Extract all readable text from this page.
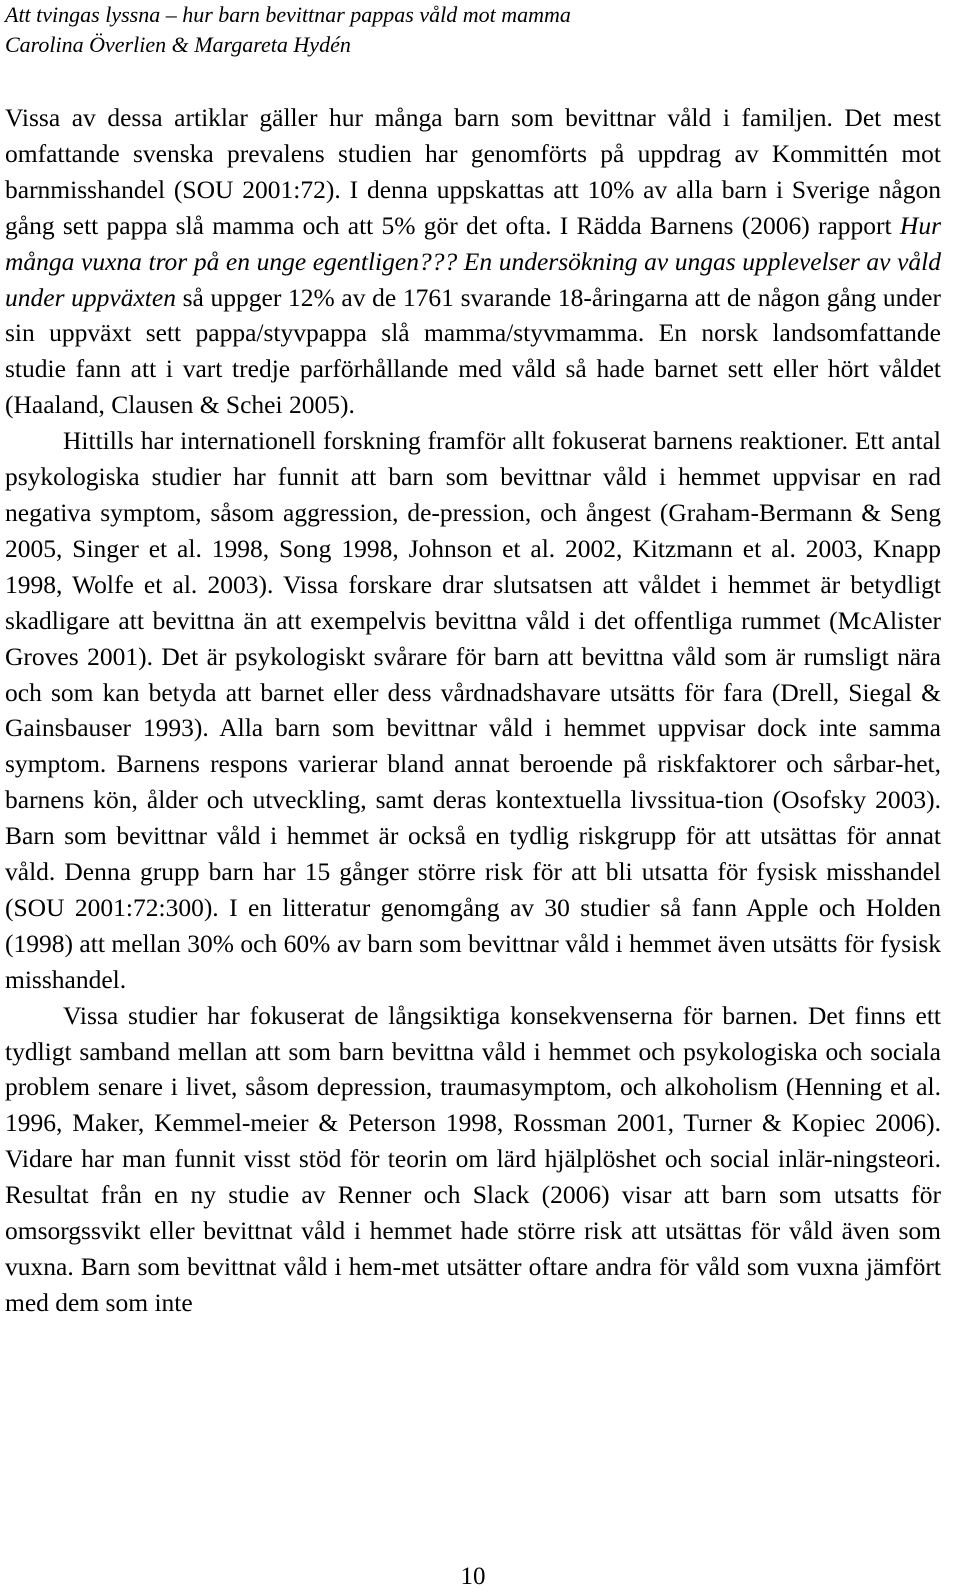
Att tvingas lyssna – hur barn bevittnar pappas våld mot mamma
Carolina Överlien & Margareta Hydén

Vissa av dessa artiklar gäller hur många barn som bevittnar våld i familjen. Det mest omfattande svenska prevalens studien har genomförts på uppdrag av Kommittén mot barnmisshandel (SOU 2001:72). I denna uppskattas att 10% av alla barn i Sverige någon gång sett pappa slå mamma och att 5% gör det ofta. I Rädda Barnens (2006) rapport Hur många vuxna tror på en unge egentligen??? En undersökning av ungas upplevelser av våld under uppväxten så uppger 12% av de 1761 svarande 18-åringarna att de någon gång under sin uppväxt sett pappa/styvpappa slå mamma/styvmamma. En norsk landsomfattande studie fann att i vart tredje parförhållande med våld så hade barnet sett eller hört våldet (Haaland, Clausen & Schei 2005).

Hittills har internationell forskning framför allt fokuserat barnens reaktioner. Ett antal psykologiska studier har funnit att barn som bevittnar våld i hemmet uppvisar en rad negativa symptom, såsom aggression, de-pression, och ångest (Graham-Bermann & Seng 2005, Singer et al. 1998, Song 1998, Johnson et al. 2002, Kitzmann et al. 2003, Knapp 1998, Wolfe et al. 2003). Vissa forskare drar slutsatsen att våldet i hemmet är betydligt skadligare att bevittna än att exempelvis bevittna våld i det offentliga rummet (McAlister Groves 2001). Det är psykologiskt svårare för barn att bevittna våld som är rumsligt nära och som kan betyda att barnet eller dess vårdnadshavare utsätts för fara (Drell, Siegal & Gainsbauser 1993). Alla barn som bevittnar våld i hemmet uppvisar dock inte samma symptom. Barnens respons varierar bland annat beroende på riskfaktorer och sårbar-het, barnens kön, ålder och utveckling, samt deras kontextuella livssitua-tion (Osofsky 2003). Barn som bevittnar våld i hemmet är också en tydlig riskgrupp för att utsättas för annat våld. Denna grupp barn har 15 gånger större risk för att bli utsatta för fysisk misshandel (SOU 2001:72:300). I en litteratur genomgång av 30 studier så fann Apple och Holden (1998) att mellan 30% och 60% av barn som bevittnar våld i hemmet även utsätts för fysisk misshandel.

Vissa studier har fokuserat de långsiktiga konsekvenserna för barnen. Det finns ett tydligt samband mellan att som barn bevittna våld i hemmet och psykologiska och sociala problem senare i livet, såsom depression, traumasymptom, och alkoholism (Henning et al. 1996, Maker, Kemmel-meier & Peterson 1998, Rossman 2001, Turner & Kopiec 2006). Vidare har man funnit visst stöd för teorin om lärd hjälplöshet och social inlär-ningsteori. Resultat från en ny studie av Renner och Slack (2006) visar att barn som utsatts för omsorgssvikt eller bevittnat våld i hemmet hade större risk att utsättas för våld även som vuxna. Barn som bevittnat våld i hem-met utsätter oftare andra för våld som vuxna jämfört med dem som inte

10
